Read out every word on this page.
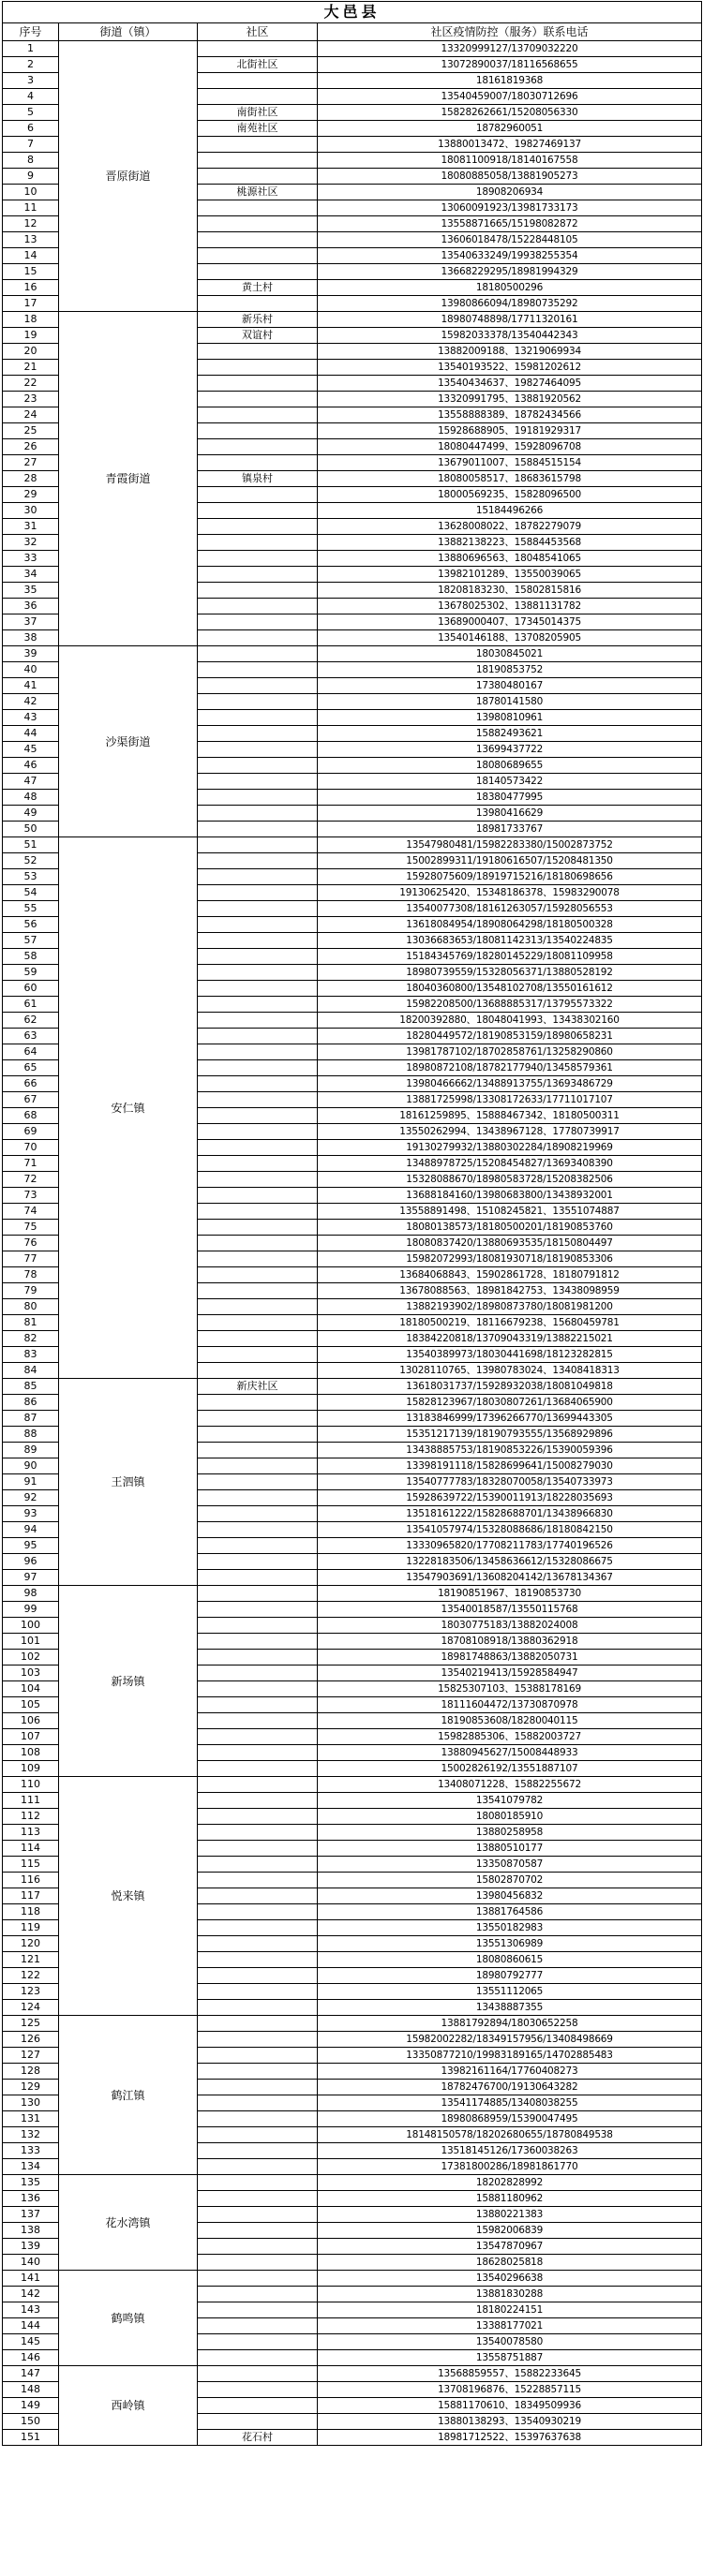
大邑县			
序号	街道（镇）	社区	社区疫情防控（服务）联系电话
1	晋原街道		13320999127/13709032220
2		北街社区	13072890037/18116568655
3			18161819368
4			13540459007/18030712696
5		南街社区	15828262661/15208056330
6		南苑社区	18782960051
7			13880013472、19827469137
8			18081100918/18140167558
9			18080885058/13881905273
10		桃源社区	18908206934
11			13060091923/13981733173
12			13558871665/15198082872
13			13606018478/15228448105
14			13540633249/19938255354
15			13668229295/18981994329
16		黄土村	18180500296
17			13980866094/18980735292
18	青霞街道	新乐村	18980748898/17711320161
19		双谊村	15982033378/13540442343
20			13882009188、13219069934
21			13540193522、15981202612
22			13540434637、19827464095
23			13320991795、13881920562
24			13558888389、18782434566
25			15928688905、19181929317
26			18080447499、15928096708
27			13679011007、15884515154
28		镇泉村	18080058517、18683615798
29			18000569235、15828096500
30			15184496266
31			13628008022、18782279079
32			13882138223、15884453568
33			13880696563、18048541065
34			13982101289、13550039065
35			18208183230、15802815816
36			13678025302、13881131782
37			13689000407、17345014375
38			13540146188、13708205905
39	沙渠街道		18030845021
40			18190853752
41			17380480167
42			18780141580
43			13980810961
44			15882493621
45			13699437722
46			18080689655
47			18140573422
48			18380477995
49			13980416629
50			18981733767
51	安仁镇		13547980481/15982283380/15002873752
52			15002899311/19180616507/15208481350
53			15928075609/18919715216/18180698656
54			19130625420、15348186378、15983290078
55			13540077308/18161263057/15928056553
56			13618084954/18908064298/18180500328
57			13036683653/18081142313/13540224835
58			15184345769/18280145229/18081109958
59			18980739559/15328056371/13880528192
60			18040360800/13548102708/13550161612
61			15982208500/13688885317/13795573322
62			18200392880、18048041993、13438302160
63			18280449572/18190853159/18980658231
64			13981787102/18702858761/13258290860
65			18980872108/18782177940/13458579361
66			13980466662/13488913755/13693486729
67			13881725998/13308172633/17711017107
68			18161259895、15888467342、18180500311
69			13550262994、13438967128、17780739917
70			19130279932/13880302284/18908219969
71			13488978725/15208454827/13693408390
72			15328088670/18980583728/15208382506
73			13688184160/13980683800/13438932001
74			13558891498、15108245821、13551074887
75			18080138573/18180500201/18190853760
76			18080837420/13880693535/18150804497
77			15982072993/18081930718/18190853306
78			13684068843、15902861728、18180791812
79			13678088563、18981842753、13438098959
80			13882193902/18980873780/18081981200
81			18180500219、18116679238、15680459781
82			18384220818/13709043319/13882215021
83			13540389973/18030441698/18123282815
84			13028110765、13980783024、13408418313
85	王泗镇	新庆社区	13618031737/15928932038/18081049818
86			15828123967/18030807261/13684065900
87			13183846999/17396266770/13699443305
88			15351217139/18190793555/13568929896
89			13438885753/18190853226/15390059396
90			13398191118/15828699641/15008279030
91			13540777783/18328070058/13540733973
92			15928639722/15390011913/18228035693
93			13518161222/15828688701/13438966830
94			13541057974/15328088686/18180842150
95			13330965820/17708211783/17740196526
96			13228183506/13458636612/15328086675
97			13547903691/13608204142/13678134367
98	新场镇		18190851967、18190853730
99			13540018587/13550115768
100			18030775183/13882024008
101			18708108918/13880362918
102			18981748863/13882050731
103			13540219413/15928584947
104			15825307103、15388178169
105			18111604472/13730870978
106			18190853608/18280040115
107			15982885306、15882003727
108			13880945627/15008448933
109			15002826192/13551887107
110	悦来镇		13408071228、15882255672
111			13541079782
112			18080185910
113			13880258958
114			13880510177
115			13350870587
116			15802870702
117			13980456832
118			13881764586
119			13550182983
120			13551306989
121			18080860615
122			18980792777
123			13551112065
124			13438887355
125	鹤江镇		13881792894/18030652258
126			15982002282/18349157956/13408498669
127			13350877210/19983189165/14702885483
128			13982161164/17760408273
129			18782476700/19130643282
130			13541174885/13408038255
131			18980868959/15390047495
132			18148150578/18202680655/18780849538
133			13518145126/17360038263
134			17381800286/18981861770
135	花水湾镇		18202828992
136			15881180962
137			13880221383
138			15982006839
139			13547870967
140			18628025818
141	鹤鸣镇		13540296638
142			13881830288
143			18180224151
144			13388177021
145			13540078580
146			13558751887
147	西岭镇		13568859557、15882233645
148			13708196876、15228857115
149			15881170610、18349509936
150			13880138293、13540930219
151		花石村	18981712522、15397637638
